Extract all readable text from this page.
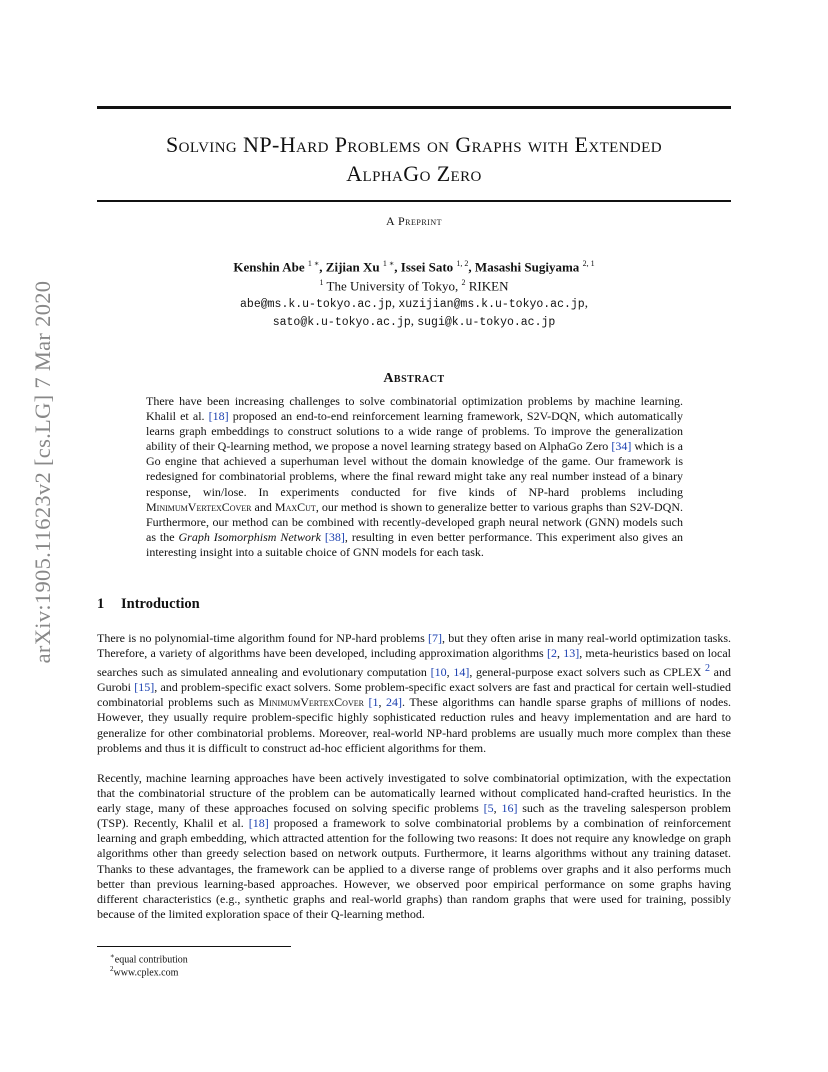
arXiv:1905.11623v2 [cs.LG] 7 Mar 2020
Solving NP-Hard Problems on Graphs with Extended
AlphaGo Zero
A Preprint
Kenshin Abe $^{1 ∗}$, Zijian Xu $^{1 ∗}$, Issei Sato $^{1, 2}$, Masashi Sugiyama $^{2, 1}$
$^1$ The University of Tokyo, $^2$ RIKEN
abe@ms.k.u-tokyo.ac.jp, xuzijian@ms.k.u-tokyo.ac.jp,
sato@k.u-tokyo.ac.jp, sugi@k.u-tokyo.ac.jp
Abstract
There have been increasing challenges to solve combinatorial optimization problems by machine learning. Khalil et al. [18] proposed an end-to-end reinforcement learning framework, S2V-DQN, which automatically learns graph embeddings to construct solutions to a wide range of problems. To improve the generalization ability of their Q-learning method, we propose a novel learning strategy based on AlphaGo Zero [34] which is a Go engine that achieved a superhuman level without the domain knowledge of the game. Our framework is redesigned for combinatorial problems, where the final reward might take any real number instead of a binary response, win/lose. In experiments conducted for five kinds of NP-hard problems including MinimumVertexCover and MaxCut, our method is shown to generalize better to various graphs than S2V-DQN. Furthermore, our method can be combined with recently-developed graph neural network (GNN) models such as the Graph Isomorphism Network [38], resulting in even better performance. This experiment also gives an interesting insight into a suitable choice of GNN models for each task.
1 Introduction
There is no polynomial-time algorithm found for NP-hard problems [7], but they often arise in many real-world optimization tasks. Therefore, a variety of algorithms have been developed, including approximation algorithms [2, 13], meta-heuristics based on local searches such as simulated annealing and evolutionary computation [10, 14], general-purpose exact solvers such as CPLEX $^2$ and Gurobi [15], and problem-specific exact solvers. Some problem-specific exact solvers are fast and practical for certain well-studied combinatorial problems such as MinimumVertexCover [1, 24]. These algorithms can handle sparse graphs of millions of nodes. However, they usually require problem-specific highly sophisticated reduction rules and heavy implementation and are hard to generalize for other combinatorial problems. Moreover, real-world NP-hard problems are usually much more complex than these problems and thus it is difficult to construct ad-hoc efficient algorithms for them.
Recently, machine learning approaches have been actively investigated to solve combinatorial optimization, with the expectation that the combinatorial structure of the problem can be automatically learned without complicated hand-crafted heuristics. In the early stage, many of these approaches focused on solving specific problems [5, 16] such as the traveling salesperson problem (TSP). Recently, Khalil et al. [18] proposed a framework to solve combinatorial problems by a combination of reinforcement learning and graph embedding, which attracted attention for the following two reasons: It does not require any knowledge on graph algorithms other than greedy selection based on network outputs. Furthermore, it learns algorithms without any training dataset. Thanks to these advantages, the framework can be applied to a diverse range of problems over graphs and it also performs much better than previous learning-based approaches. However, we observed poor empirical performance on some graphs having different characteristics (e.g., synthetic graphs and real-world graphs) than random graphs that were used for training, possibly because of the limited exploration space of their Q-learning method.
∗equal contribution
$^2$www.cplex.com
